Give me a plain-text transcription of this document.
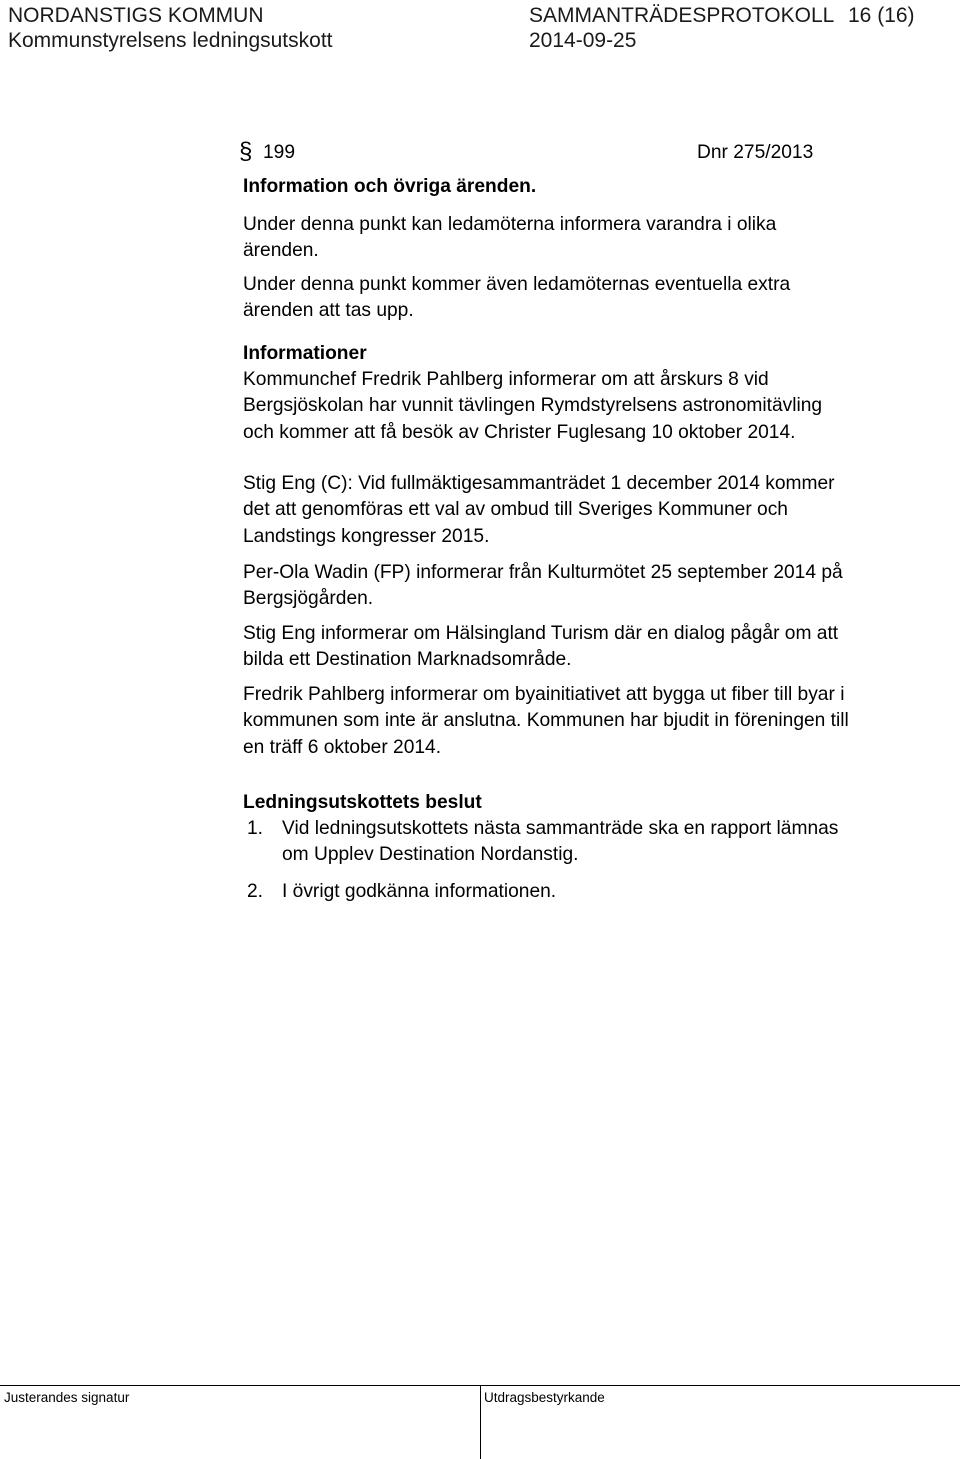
NORDANSTIGS KOMMUN
Kommunstyrelsens ledningsutskott
SAMMANTRÄDESPROTOKOLL 16 (16)
2014-09-25
§ 199	Dnr 275/2013
Information och övriga ärenden.
Under denna punkt kan ledamöterna informera varandra i olika
ärenden.
Under denna punkt kommer även ledamöternas eventuella extra
ärenden att tas upp.
Informationer
Kommunchef Fredrik Pahlberg informerar om att årskurs 8 vid
Bergsjöskolan har vunnit tävlingen Rymdstyrelsens astronomitävling
och kommer att få besök av Christer Fuglesang 10 oktober 2014.
Stig Eng (C): Vid fullmäktigesammanträdet 1 december 2014 kommer
det att genomföras ett val av ombud till Sveriges Kommuner och
Landstings kongresser 2015.
Per-Ola Wadin (FP) informerar från Kulturmötet 25 september 2014 på
Bergsjögården.
Stig Eng informerar om Hälsingland Turism där en dialog pågår om att
bilda ett Destination Marknadsområde.
Fredrik Pahlberg informerar om byainitiativet att bygga ut fiber till byar i
kommunen som inte är anslutna. Kommunen har bjudit in föreningen till
en träff 6 oktober 2014.
Ledningsutskottets beslut
1. Vid ledningsutskottets nästa sammanträde ska en rapport lämnas
om Upplev Destination Nordanstig.
2. I övrigt godkänna informationen.
Justerandes signatur	Utdragsbestyrkande
